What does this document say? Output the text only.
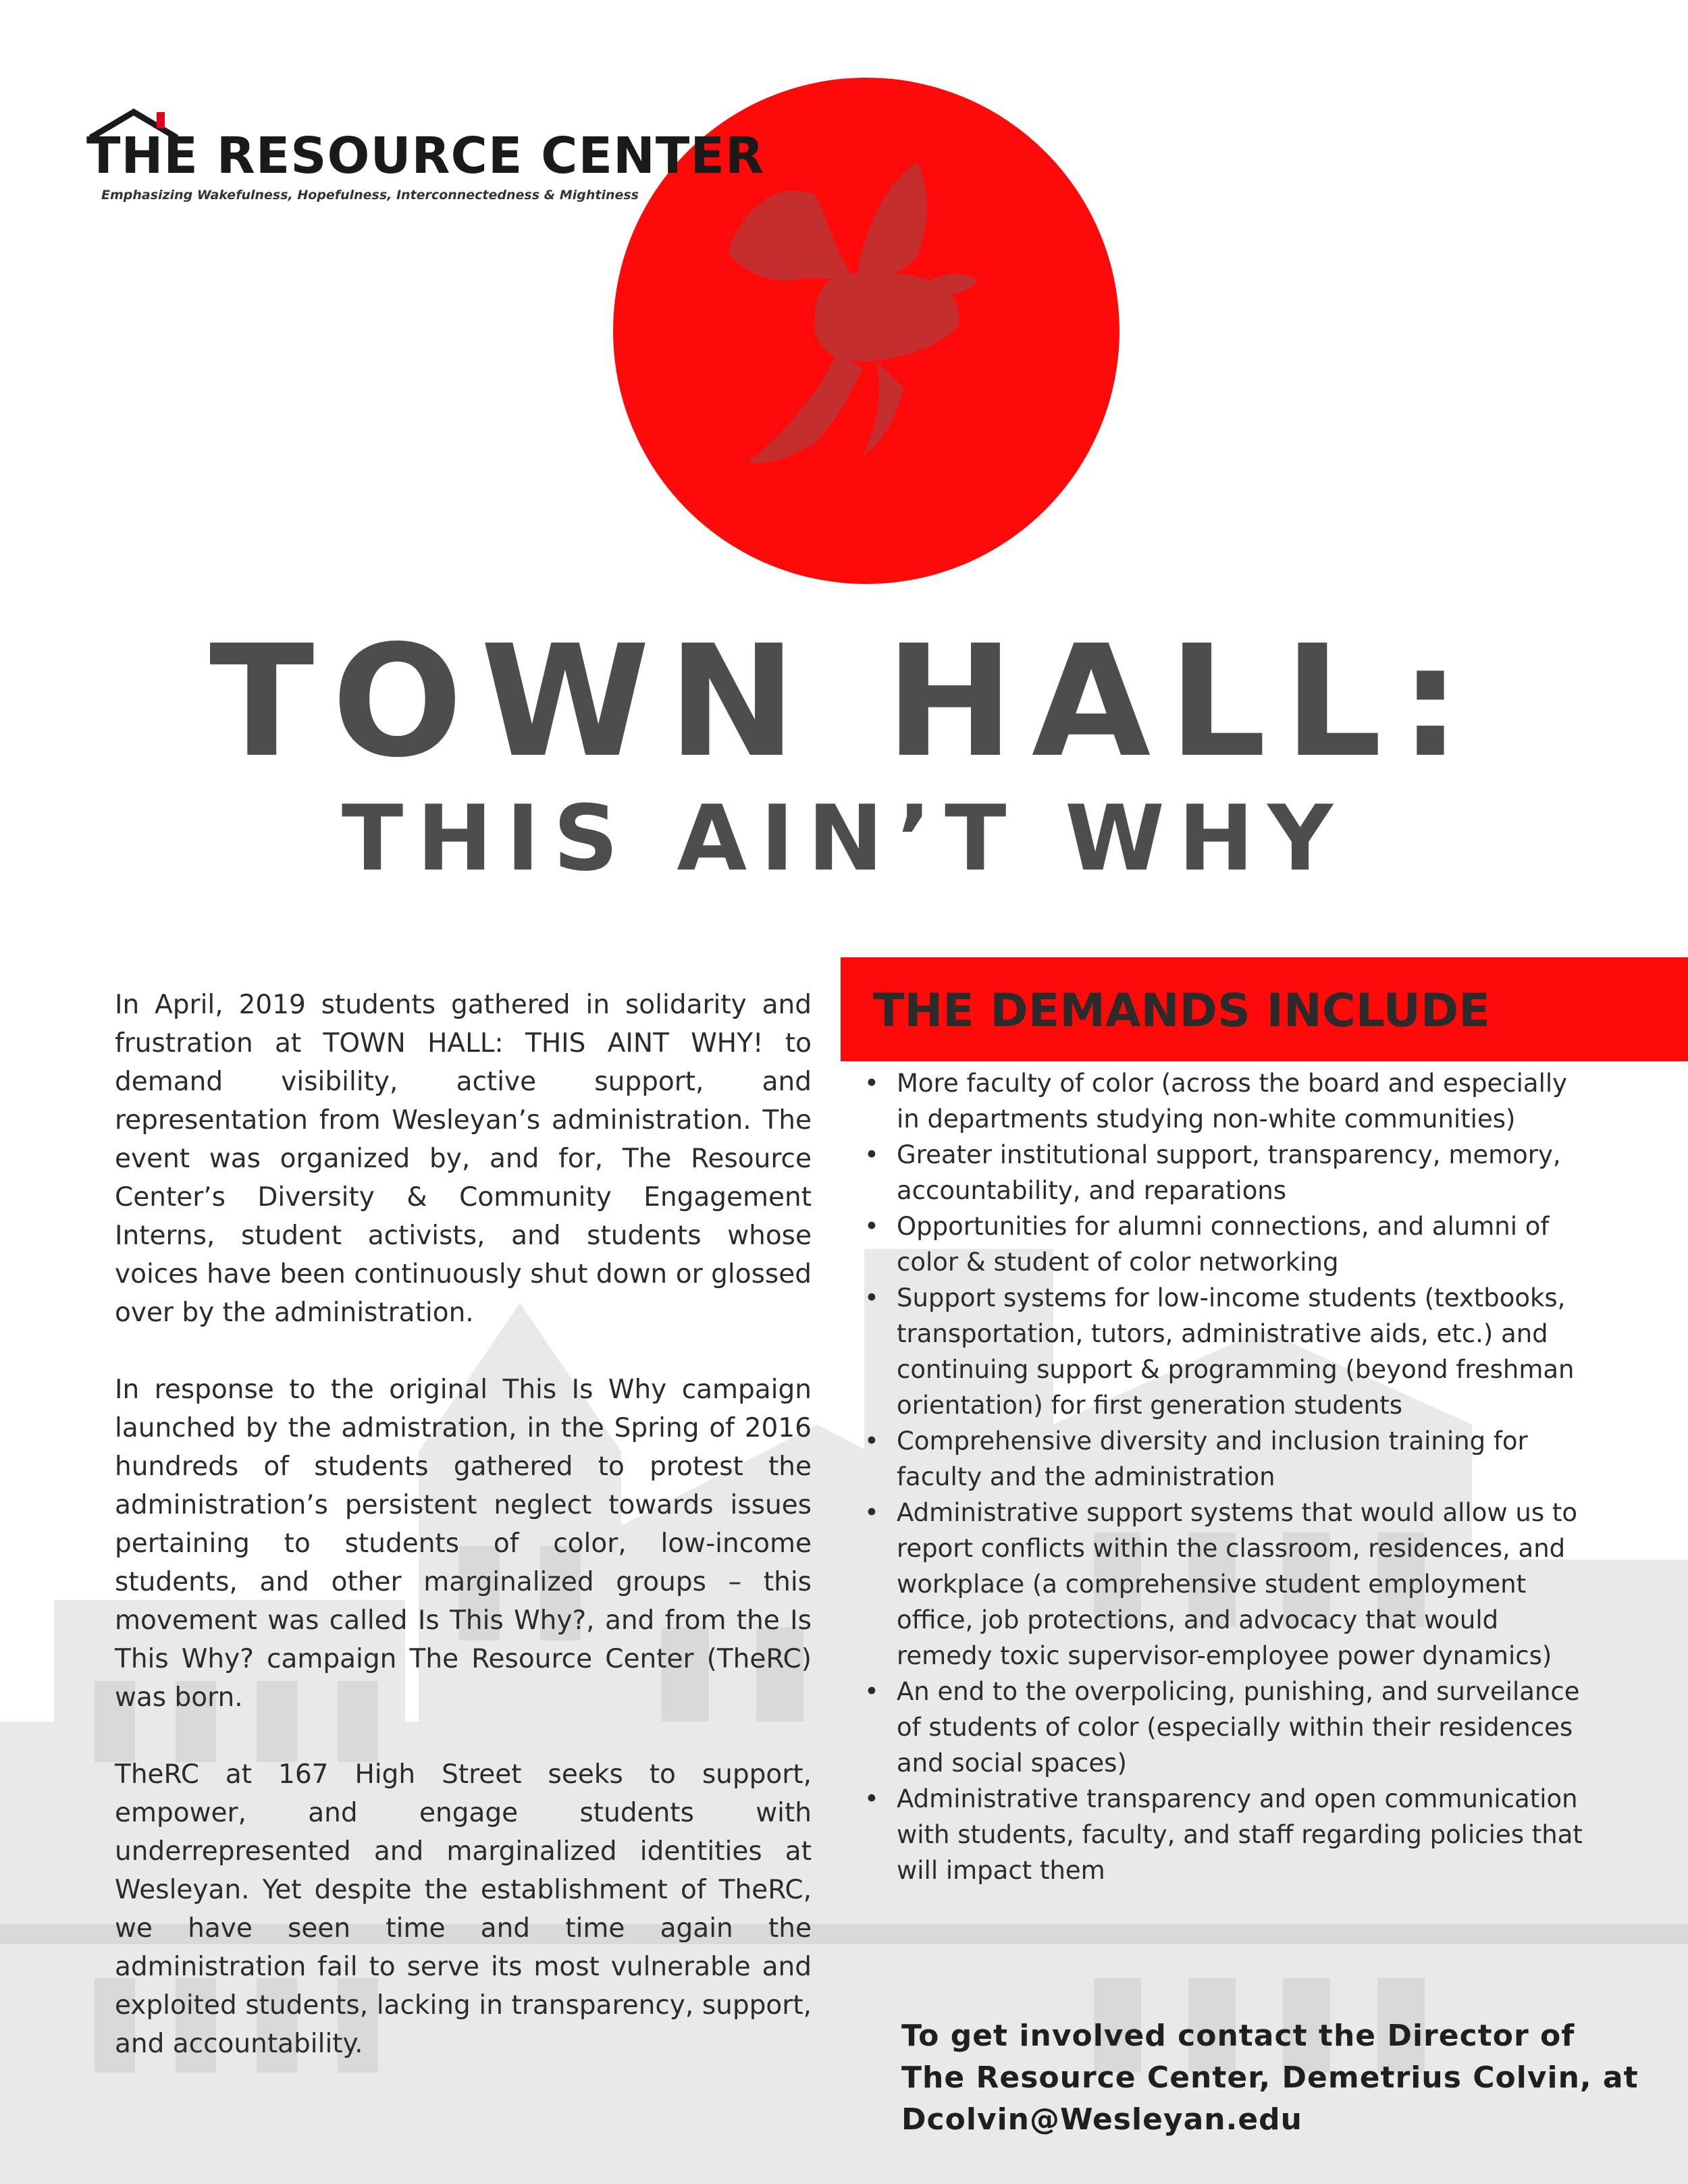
THE RESOURCE CENTER
Emphasizing Wakefulness, Hopefulness, Interconnectedness & Mightiness
TOWN HALL:
THIS AIN’T WHY

In April, 2019 students gathered in solidarity and frustration at TOWN HALL: THIS AINT WHY! to demand visibility, active support, and representation from Wesleyan’s administration. The event was organized by, and for, The Resource Center’s Diversity & Community Engagement Interns, student activists, and students whose voices have been continuously shut down or glossed over by the administration.

In response to the original This Is Why campaign launched by the admistration, in the Spring of 2016 hundreds of students gathered to protest the administration’s persistent neglect towards issues pertaining to students of color, low-income students, and other marginalized groups – this movement was called Is This Why?, and from the Is This Why? campaign The Resource Center (TheRC) was born.

TheRC at 167 High Street seeks to support, empower, and engage students with underrepresented and marginalized identities at Wesleyan. Yet despite the establishment of TheRC, we have seen time and time again the administration fail to serve its most vulnerable and exploited students, lacking in transparency, support, and accountability.

THE DEMANDS INCLUDE
• More faculty of color (across the board and especially in departments studying non-white communities)
• Greater institutional support, transparency, memory, accountability, and reparations
• Opportunities for alumni connections, and alumni of color & student of color networking
• Support systems for low-income students (textbooks, transportation, tutors, administrative aids, etc.) and continuing support & programming (beyond freshman orientation) for first generation students
• Comprehensive diversity and inclusion training for faculty and the administration
• Administrative support systems that would allow us to report conflicts within the classroom, residences, and workplace (a comprehensive student employment office, job protections, and advocacy that would remedy toxic supervisor-employee power dynamics)
• An end to the overpolicing, punishing, and surveilance of students of color (especially within their residences and social spaces)
• Administrative transparency and open communication with students, faculty, and staff regarding policies that will impact them
To get involved contact the Director of The Resource Center, Demetrius Colvin, at Dcolvin@Wesleyan.edu
